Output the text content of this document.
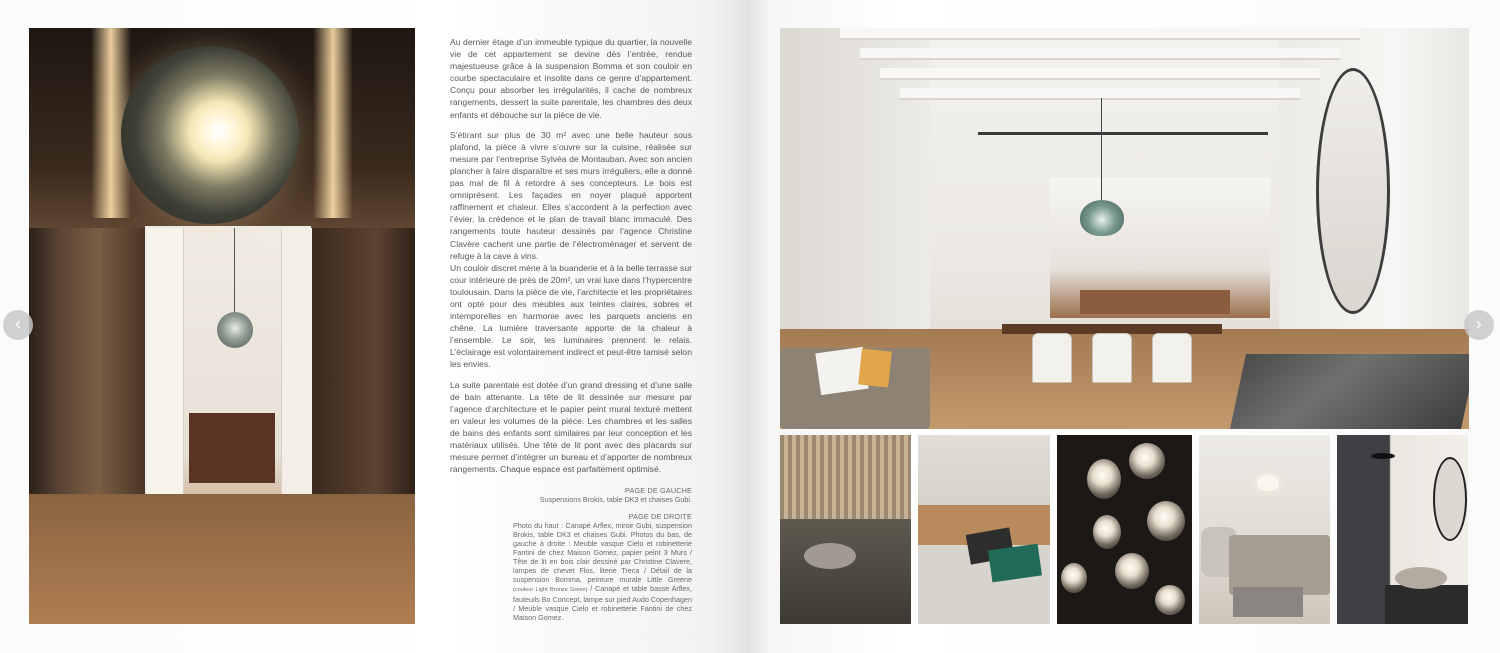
Au dernier étage d’un immeuble typique du quartier, la nouvelle vie de cet appartement se devine dès l’entrée, rendue majestueuse grâce à la suspension Bomma et son couloir en courbe spectaculaire et insolite dans ce genre d’appartement. Conçu pour absorber les irrégularités, il cache de nombreux rangements, dessert la suite parentale, les chambres des deux enfants et débouche sur la pièce de vie.

S’étirant sur plus de 30 m² avec une belle hauteur sous plafond, la pièce à vivre s’ouvre sur la cuisine, réalisée sur mesure par l’entreprise Sylvéa de Montauban. Avec son ancien plancher à faire disparaître et ses murs irréguliers, elle a donné pas mal de fil à retordre à ses concepteurs. Le bois est omniprésent. Les façades en noyer plaqué apportent raffinement et chaleur. Elles s’accordent à la perfection avec l’évier, la crédence et le plan de travail blanc immaculé. Des rangements toute hauteur dessinés par l’agence Christine Clavère cachent une partie de l’électroménager et servent de refuge à la cave à vins.

Un couloir discret mène à la buanderie et à la belle terrasse sur cour intérieure de près de 20m², un vrai luxe dans l’hypercentre toulousain. Dans la pièce de vie, l’architecte et les propriétaires ont opté pour des meubles aux teintes claires, sobres et intemporelles en harmonie avec les parquets anciens en chêne. La lumière traversante apporte de la chaleur à l’ensemble. Le soir, les luminaires prennent le relais. L’éclairage est volontairement indirect et peut-être tamisé selon les envies.

La suite parentale est dotée d’un grand dressing et d’une salle de bain attenante. La tête de lit dessinée sur mesure par l’agence d’architecture et le papier peint mural texturé mettent en valeur les volumes de la pièce. Les chambres et les salles de bains des enfants sont similaires par leur conception et les matériaux utilisés. Une tête de lit pont avec des placards sur mesure permet d’intégrer un bureau et d’apporter de nombreux rangements. Chaque espace est parfaitement optimisé.

PAGE DE GAUCHE
Suspensions Brokis, table DK3 et chaises Gubi.
PAGE DE DROITE
Photo du haut : Canapé Arflex, miroir Gubi, suspension Brokis, table DK3 et chaises Gubi. Photos du bas, de gauche à droite : Meuble vasque Cielo et robinetterie Fantini de chez Maison Gomez, papier peint 3 Murs / Tête de lit en bois clair dessiné par Christine Clavere, lampes de chevet Flos, literie Treca / Détail de la suspension Bomma, peinture murale Little Greene (couleur Light Bronze Green) / Canapé et table basse Arflex, fauteuils Bo Concept, lampe sur pied Audo Copenhagen / Meuble vasque Cielo et robinetterie Fantini de chez Maison Gomez.
‹	›
